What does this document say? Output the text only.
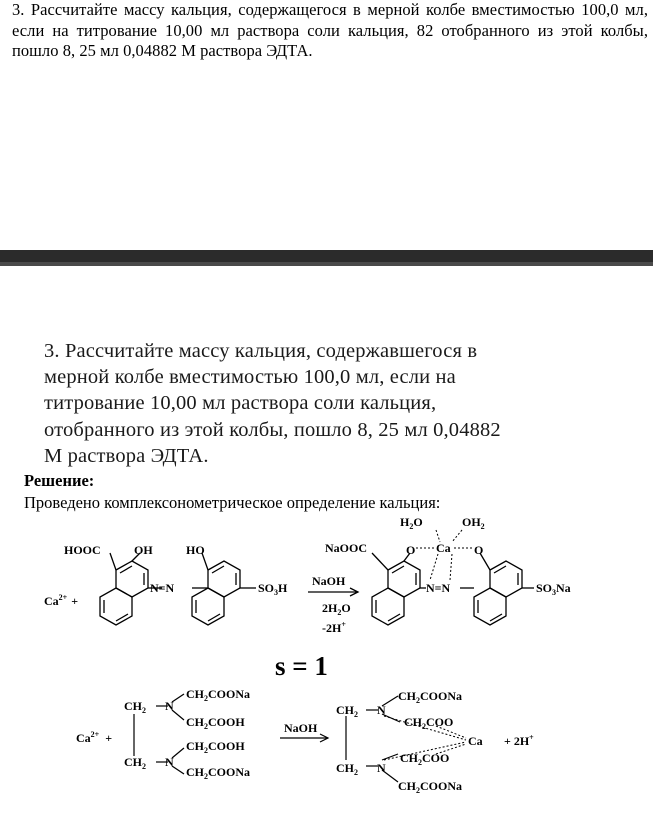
3. Рассчитайте массу кальция, содержащегося в мерной колбе вместимостью 100,0 мл, если на титрование 10,00 мл раствора соли кальция, 82 отобранного из этой колбы, пошло 8, 25 мл 0,04882 М раствора ЭДТА.
3. Рассчитайте массу кальция, содержавшегося в
мерной колбе вместимостью 100,0 мл, если на
титрование 10,00 мл раствора соли кальция,
отобранного из этой колбы, пошло 8, 25 мл 0,04882
М раствора ЭДТА.
Решение:
Проведено комплексонометрическое определение кальция:
HOOC	OH	HO
N=N	$SO_3H$
$Ca^{2+}$ +
NaOH
$2H_2O$
-2H+
NaOOC
$H_2O$	$OH_2$
Ca
O	O
N=N	$SO_3Na$
s = 1
$Ca^{2+}$ +
$CH_2$
$CH_2$
N
N
$CH_2COONa$
$CH_2COOH$
$CH_2COOH$
$CH_2COONa$
NaOH
$CH_2$
$CH_2$
N
N
$CH_2COONa$
$CH_2COO$
$CH_2COO$
$CH_2COONa$
Ca + 2H+
